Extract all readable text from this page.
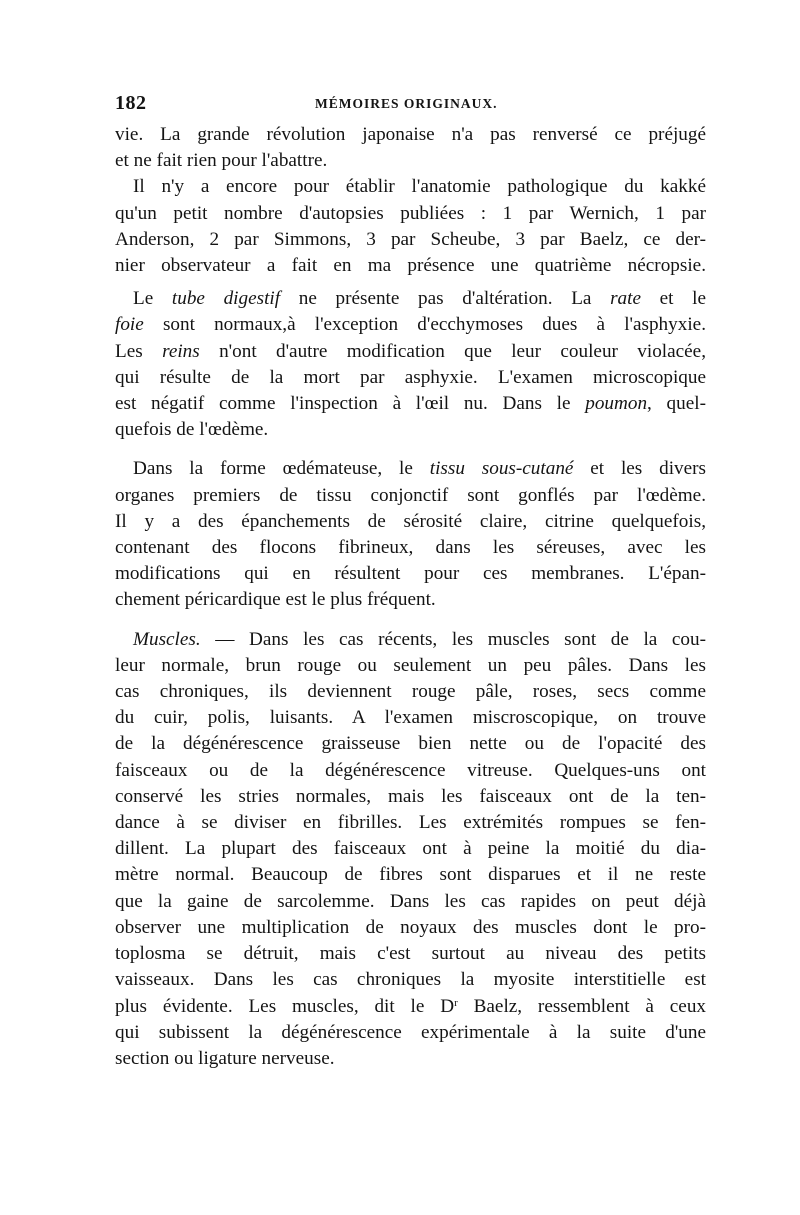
182	MÉMOIRES ORIGINAUX.

vie. La grande révolution japonaise n'a pas renversé ce préjugé
et ne fait rien pour l'abattre.

Il n'y a encore pour établir l'anatomie pathologique du kakké
qu'un petit nombre d'autopsies publiées : 1 par Wernich, 1 par
Anderson, 2 par Simmons, 3 par Scheube, 3 par Baelz, ce der-
nier observateur a fait en ma présence une quatrième nécropsie.

Le tube digestif ne présente pas d'altération. La rate et le
foie sont normaux,à l'exception d'ecchymoses dues à l'asphyxie.
Les reins n'ont d'autre modification que leur couleur violacée,
qui résulte de la mort par asphyxie. L'examen microscopique
est négatif comme l'inspection à l'œil nu. Dans le poumon, quel-
quefois de l'œdème.

Dans la forme œdémateuse, le tissu sous-cutané et les divers
organes premiers de tissu conjonctif sont gonflés par l'œdème.
Il y a des épanchements de sérosité claire, citrine quelquefois,
contenant des flocons fibrineux, dans les séreuses, avec les
modifications qui en résultent pour ces membranes. L'épan-
chement péricardique est le plus fréquent.

Muscles. — Dans les cas récents, les muscles sont de la cou-
leur normale, brun rouge ou seulement un peu pâles. Dans les
cas chroniques, ils deviennent rouge pâle, roses, secs comme
du cuir, polis, luisants. A l'examen miscroscopique, on trouve
de la dégénérescence graisseuse bien nette ou de l'opacité des
faisceaux ou de la dégénérescence vitreuse. Quelques-uns ont
conservé les stries normales, mais les faisceaux ont de la ten-
dance à se diviser en fibrilles. Les extrémités rompues se fen-
dillent. La plupart des faisceaux ont à peine la moitié du dia-
mètre normal. Beaucoup de fibres sont disparues et il ne reste
que la gaine de sarcolemme. Dans les cas rapides on peut déjà
observer une multiplication de noyaux des muscles dont le pro-
toplosma se détruit, mais c'est surtout au niveau des petits
vaisseaux. Dans les cas chroniques la myosite interstitielle est
plus évidente. Les muscles, dit le $D^r$ Baelz, ressemblent à ceux
qui subissent la dégénérescence expérimentale à la suite d'une
section ou ligature nerveuse.
